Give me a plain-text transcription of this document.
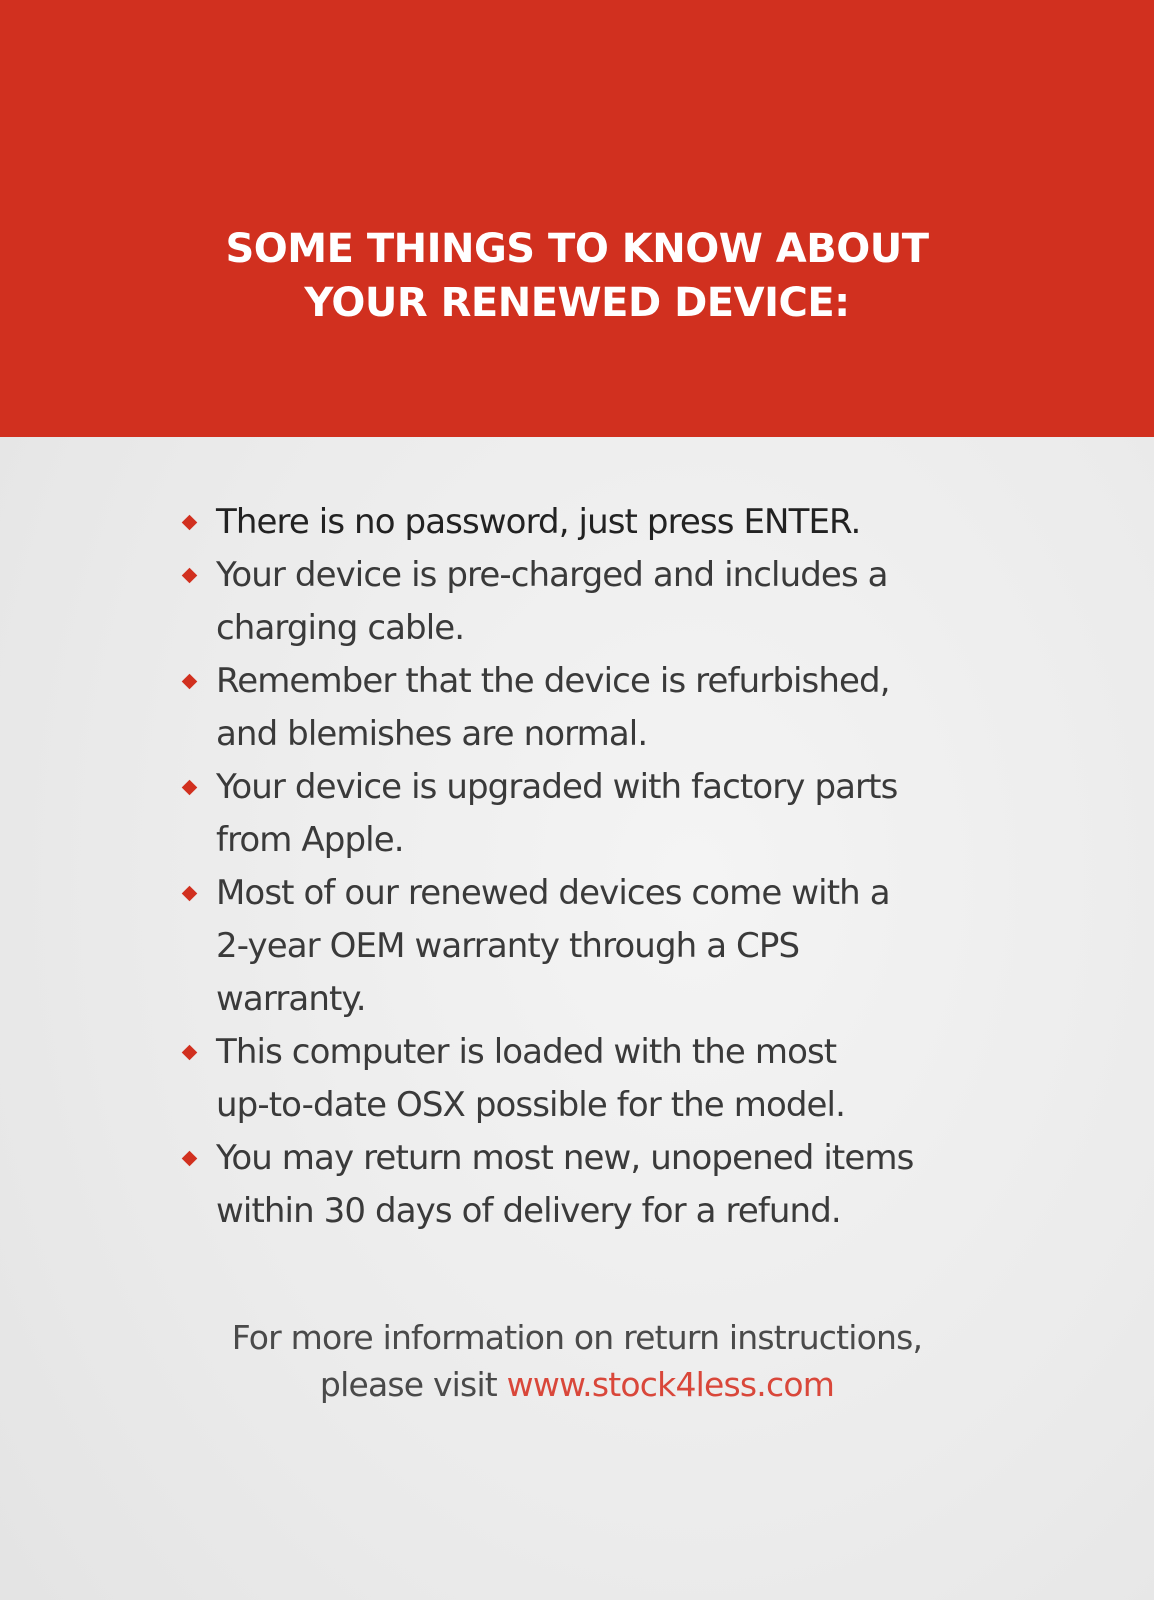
SOME THINGS TO KNOW ABOUT
YOUR RENEWED DEVICE:
There is no password, just press ENTER.
Your device is pre-charged and includes a
charging cable.
Remember that the device is refurbished,
and blemishes are normal.
Your device is upgraded with factory parts
from Apple.
Most of our renewed devices come with a
2-year OEM warranty through a CPS
warranty.
This computer is loaded with the most
up-to-date OSX possible for the model.
You may return most new, unopened items
within 30 days of delivery for a refund.

For more information on return instructions,
please visit www.stock4less.com
